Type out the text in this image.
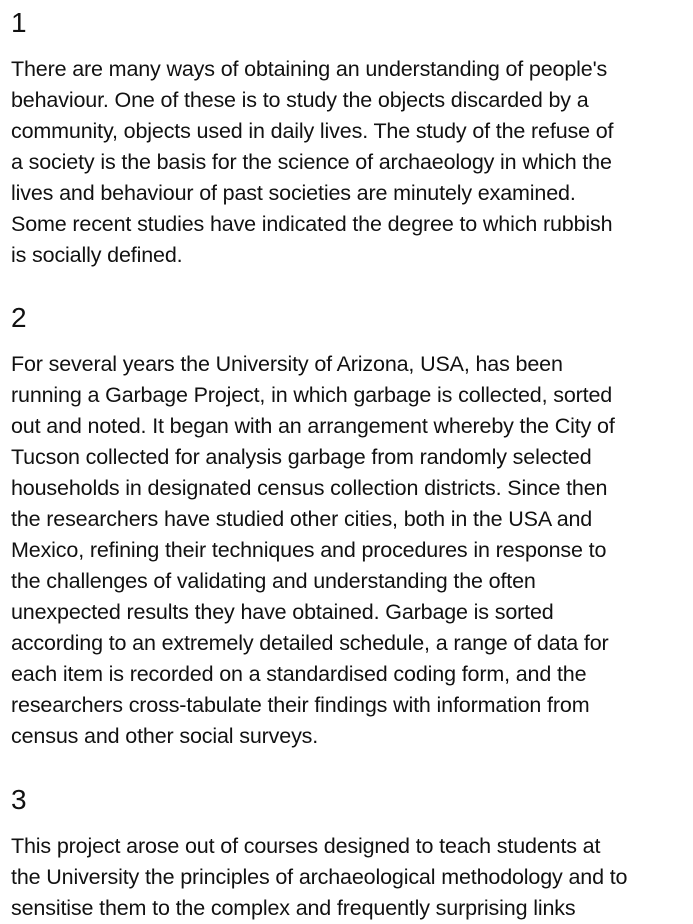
1

There are many ways of obtaining an understanding of people's
behaviour. One of these is to study the objects discarded by a
community, objects used in daily lives. The study of the refuse of
a society is the basis for the science of archaeology in which the
lives and behaviour of past societies are minutely examined.
Some recent studies have indicated the degree to which rubbish
is socially defined.

2

For several years the University of Arizona, USA, has been
running a Garbage Project, in which garbage is collected, sorted
out and noted. It began with an arrangement whereby the City of
Tucson collected for analysis garbage from randomly selected
households in designated census collection districts. Since then
the researchers have studied other cities, both in the USA and
Mexico, refining their techniques and procedures in response to
the challenges of validating and understanding the often
unexpected results they have obtained. Garbage is sorted
according to an extremely detailed schedule, a range of data for
each item is recorded on a standardised coding form, and the
researchers cross-tabulate their findings with information from
census and other social surveys.

3

This project arose out of courses designed to teach students at
the University the principles of archaeological methodology and to
sensitise them to the complex and frequently surprising links
